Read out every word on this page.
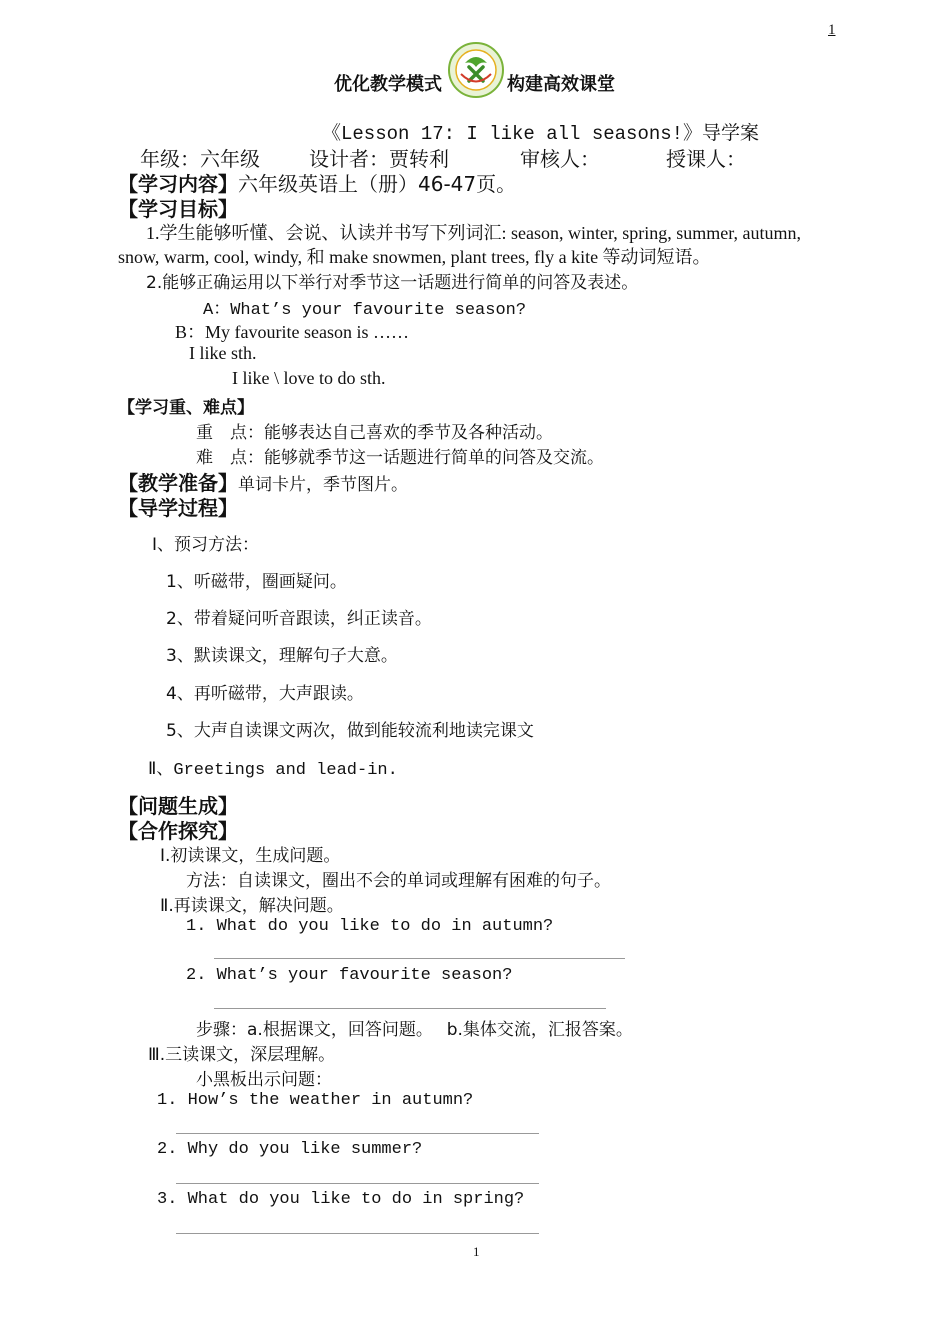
1
优化教学模式	构建高效课堂
《Lesson 17: I like all seasons!》导学案
年级：六年级 设计者：贾转利	审核人：	授课人：
【学习内容】六年级英语上（册）46-47页。
【学习目标】
1.学生能够听懂、会说、认读并书写下列词汇: season, winter, spring, summer, autumn,
snow, warm, cool, windy, 和 make snowmen, plant trees, fly a kite 等动词短语。
2.能够正确运用以下举行对季节这一话题进行简单的问答及表述。
A：What’s your favourite season?
B：My favourite season is ……
I like sth.
I like \ love to do sth.
【学习重、难点】
重　点：能够表达自己喜欢的季节及各种活动。
难　点：能够就季节这一话题进行简单的问答及交流。
【教学准备】单词卡片，季节图片。
【导学过程】
Ⅰ、预习方法：
1、听磁带，圈画疑问。
2、带着疑问听音跟读，纠正读音。
3、默读课文，理解句子大意。
4、再听磁带，大声跟读。
5、大声自读课文两次，做到能较流利地读完课文
Ⅱ、Greetings and lead-in.
【问题生成】
【合作探究】
Ⅰ.初读课文，生成问题。
方法：自读课文，圈出不会的单词或理解有困难的句子。
Ⅱ.再读课文，解决问题。
1. What do you like to do in autumn?
2. What’s your favourite season?
步骤：a.根据课文，回答问题。　 b.集体交流，汇报答案。
Ⅲ.三读课文，深层理解。
小黑板出示问题：
1. How’s the weather in autumn?
2. Why do you like summer?
3. What do you like to do in spring?
1
